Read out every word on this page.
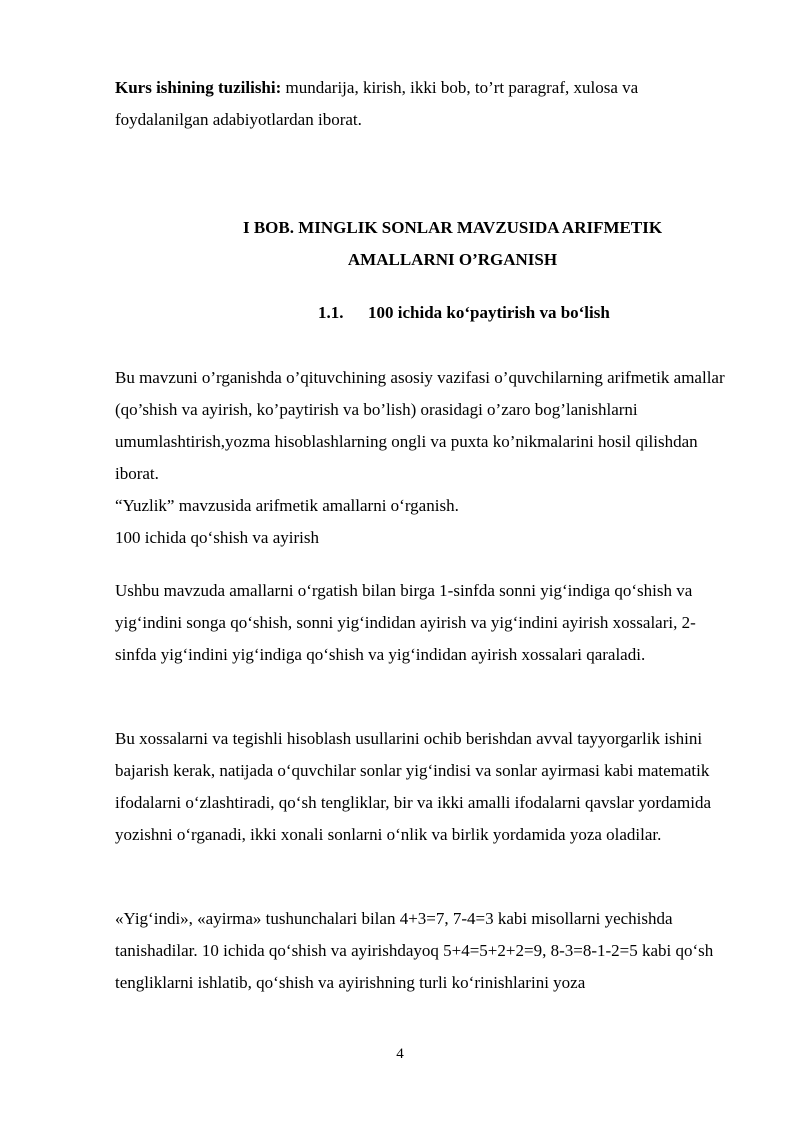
Kurs ishining tuzilishi: mundarija, kirish, ikki bob, to’rt paragraf, xulosa va foydalanilgan adabiyotlardan iborat.

I BOB. MINGLIK SONLAR MAVZUSIDA ARIFMETIK
AMALLARNI O’RGANISH
1.1. 100 ichida ko‘paytirish va bo‘lish

Bu mavzuni o’rganishda o’qituvchining asosiy vazifasi o’quvchilarning arifmetik amallar (qo’shish va ayirish, ko’paytirish va bo’lish) orasidagi o’zaro bog’lanishlarni umumlashtirish,yozma hisoblashlarning ongli va puxta ko’nikmalarini hosil qilishdan iborat.

“Yuzlik” mavzusida arifmetik amallarni o‘rganish.
100 ichida qo‘shish va ayirish

Ushbu mavzuda amallarni o‘rgatish bilan birga 1-sinfda sonni yig‘indiga qo‘shish va yig‘indini songa qo‘shish, sonni yig‘indidan ayirish va yig‘indini ayirish xossalari, 2-sinfda yig‘indini yig‘indiga qo‘shish va yig‘indidan ayirish xossalari qaraladi.

Bu xossalarni va tegishli hisoblash usullarini ochib berishdan avval tayyorgarlik ishini bajarish kerak, natijada o‘quvchilar sonlar yig‘indisi va sonlar ayirmasi kabi matematik ifodalarni o‘zlashtiradi, qo‘sh tengliklar, bir va ikki amalli ifodalarni qavslar yordamida yozishni o‘rganadi, ikki xonali sonlarni o‘nlik va birlik yordamida yoza oladilar.

«Yig‘indi», «ayirma» tushunchalari bilan 4+3=7, 7-4=3 kabi misollarni yechishda tanishadilar. 10 ichida qo‘shish va ayirishdayoq 5+4=5+2+2=9, 8-3=8-1-2=5 kabi qo‘sh tengliklarni ishlatib, qo‘shish va ayirishning turli ko‘rinishlarini yoza

4
